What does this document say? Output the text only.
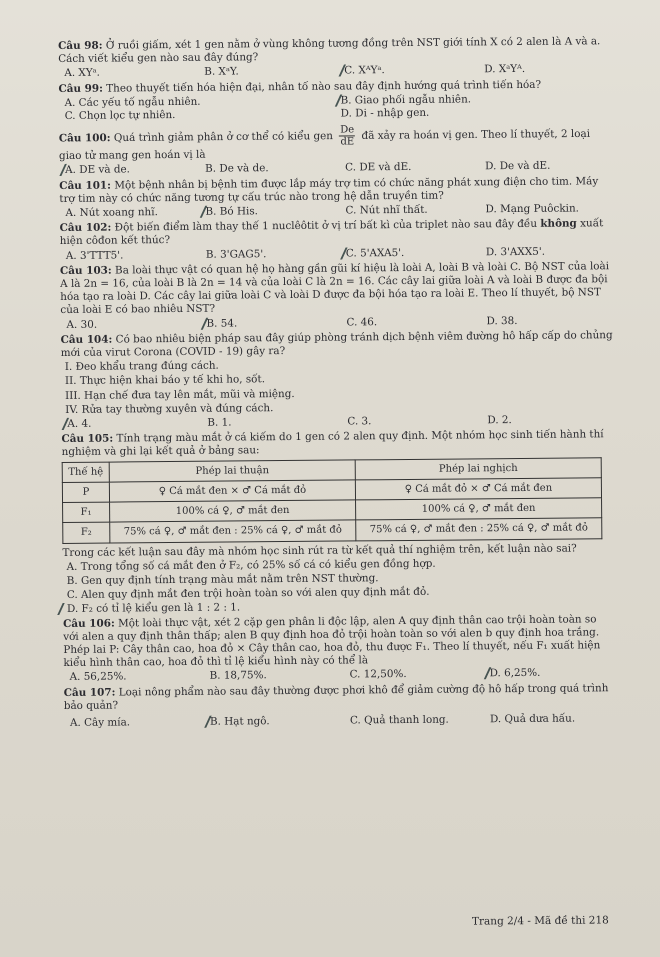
Câu 98: Ở ruồi giấm, xét 1 gen nằm ở vùng không tương đồng trên NST giới tính X có 2 alen là A và a. Cách viết kiểu gen nào sau đây đúng?
A. XYᵃ.	B. XᵃY.	C. XᴬYᵃ.	D. XᵃYᴬ.
Câu 99: Theo thuyết tiến hóa hiện đại, nhân tố nào sau đây định hướng quá trình tiến hóa?
A. Các yếu tố ngẫu nhiên.	B. Giao phối ngẫu nhiên.
C. Chọn lọc tự nhiên.	D. Di - nhập gen.
Câu 100: Quá trình giảm phân ở cơ thể có kiểu gen $\frac{De}{dE}$ đã xảy ra hoán vị gen. Theo lí thuyết, 2 loại giao tử mang gen hoán vị là
A. DE và de.	B. De và de.	C. DE và dE.	D. De và dE.
Câu 101: Một bệnh nhân bị bệnh tim được lắp máy trợ tim có chức năng phát xung điện cho tim. Máy trợ tim này có chức năng tương tự cấu trúc nào trong hệ dẫn truyền tim?
A. Nút xoang nhĩ.	B. Bó His.	C. Nút nhĩ thất.	D. Mạng Puôckin.
Câu 102: Đột biến điểm làm thay thế 1 nuclêôtit ở vị trí bất kì của triplet nào sau đây đều không xuất hiện côđon kết thúc?
A. 3'TTT5'.	B. 3'GAG5'.	C. 5'AXA5'.	D. 3'AXX5'.
Câu 103: Ba loài thực vật có quan hệ họ hàng gần gũi kí hiệu là loài A, loài B và loài C. Bộ NST của loài A là 2n = 16, của loài B là 2n = 14 và của loài C là 2n = 16. Các cây lai giữa loài A và loài B được đa bội hóa tạo ra loài D. Các cây lai giữa loài C và loài D được đa bội hóa tạo ra loài E. Theo lí thuyết, bộ NST của loài E có bao nhiêu NST?
A. 30.	B. 54.	C. 46.	D. 38.
Câu 104: Có bao nhiêu biện pháp sau đây giúp phòng tránh dịch bệnh viêm đường hô hấp cấp do chủng mới của virut Corona (COVID - 19) gây ra?
I. Đeo khẩu trang đúng cách.
II. Thực hiện khai báo y tế khi ho, sốt.
III. Hạn chế đưa tay lên mắt, mũi và miệng.
IV. Rửa tay thường xuyên và đúng cách.
A. 4.	B. 1.	C. 3.	D. 2.
Câu 105: Tính trạng màu mắt ở cá kiếm do 1 gen có 2 alen quy định. Một nhóm học sinh tiến hành thí nghiệm và ghi lại kết quả ở bảng sau:
Thế hệ	Phép lai thuận	Phép lai nghịch
P	♀ Cá mắt đen × ♂ Cá mắt đỏ	♀ Cá mắt đỏ × ♂ Cá mắt đen
F₁	100% cá ♀, ♂ mắt đen	100% cá ♀, ♂ mắt đen
F₂	75% cá ♀, ♂ mắt đen : 25% cá ♀, ♂ mắt đỏ	75% cá ♀, ♂ mắt đen : 25% cá ♀, ♂ mắt đỏ
Trong các kết luận sau đây mà nhóm học sinh rút ra từ kết quả thí nghiệm trên, kết luận nào sai?
A. Trong tổng số cá mắt đen ở F₂, có 25% số cá có kiểu gen đồng hợp.
B. Gen quy định tính trạng màu mắt nằm trên NST thường.
C. Alen quy định mắt đen trội hoàn toàn so với alen quy định mắt đỏ.
D. F₂ có tỉ lệ kiểu gen là 1 : 2 : 1.
Câu 106: Một loài thực vật, xét 2 cặp gen phân li độc lập, alen A quy định thân cao trội hoàn toàn so với alen a quy định thân thấp; alen B quy định hoa đỏ trội hoàn toàn so với alen b quy định hoa trắng. Phép lai P: Cây thân cao, hoa đỏ × Cây thân cao, hoa đỏ, thu được F₁. Theo lí thuyết, nếu F₁ xuất hiện kiểu hình thân cao, hoa đỏ thì tỉ lệ kiểu hình này có thể là
A. 56,25%.	B. 18,75%.	C. 12,50%.	D. 6,25%.
Câu 107: Loại nông phẩm nào sau đây thường được phơi khô để giảm cường độ hô hấp trong quá trình bảo quản?
A. Cây mía.	B. Hạt ngô.	C. Quả thanh long.	D. Quả dưa hấu.
Trang 2/4 - Mã đề thi 218
